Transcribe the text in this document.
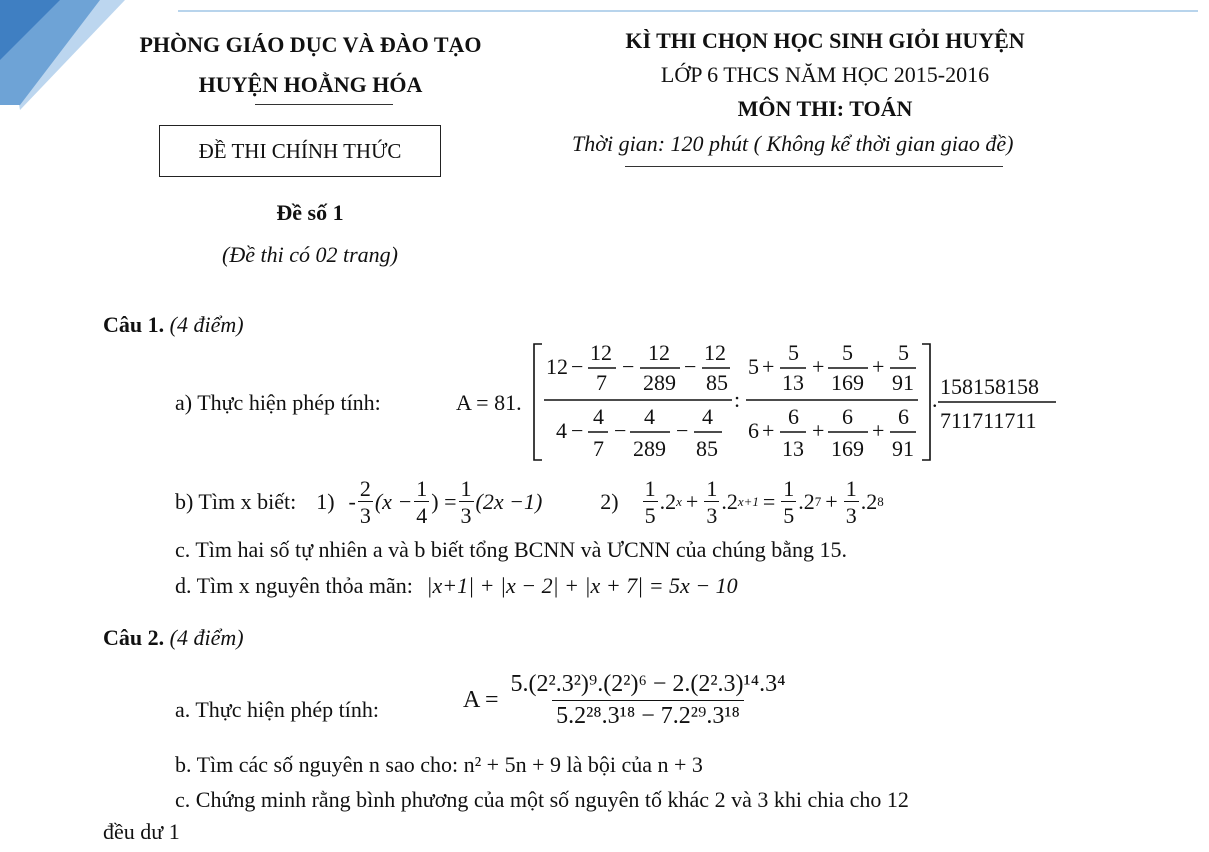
PHÒNG GIÁO DỤC VÀ ĐÀO TẠO
HUYỆN HOẰNG HÓA
ĐỀ THI CHÍNH THỨC
KÌ THI CHỌN HỌC SINH GIỎI HUYỆN
LỚP 6 THCS NĂM HỌC 2015-2016
MÔN THI: TOÁN
Thời gian: 120 phút ( Không kể thời gian giao đề)
Đề số 1
(Đề thi có 02 trang)
Câu 1. (4 điểm)
a) Thực hiện phép tính:	A = 81.
12 −
12
7
−
12
289
−
12
85
4 −
4
7
−
4
289
−
4
85
:
5 +
5
13
+
5
169
+
5
91
6 +
6
13
+
6
169
+
6
91
.
158158158
711711711
b) Tìm x biết: $1) - \frac{2}{3} (x - \frac{1}{4}$ ) = $\frac{1}{3} (2x -1)$	$2) \frac{1}{5} .2$ $x + \frac{1}{3} .2$ $x+1 = \frac{1}{5} .2$ $7 + \frac{1}{3} .2$ 8
c. Tìm hai số tự nhiên a và b biết tổng BCNN và ƯCNN của chúng bằng 15.
d. Tìm x nguyên thỏa mãn: |x+1| + |x − 2| + |x + 7| = 5x − 10
Câu 2. (4 điểm)
a. Thực hiện phép tính:	$A = \frac{\text{5.(2².3²)⁹.(2²)⁶ − 2.(2².3)¹⁴.3⁴}}{\text{5.2²⁸.3¹⁸ − 7.2²⁹.3¹⁸}}$
b. Tìm các số nguyên n sao cho: n² + 5n + 9 là bội của n + 3
c. Chứng minh rằng bình phương của một số nguyên tố khác 2 và 3 khi chia cho 12
đều dư 1
